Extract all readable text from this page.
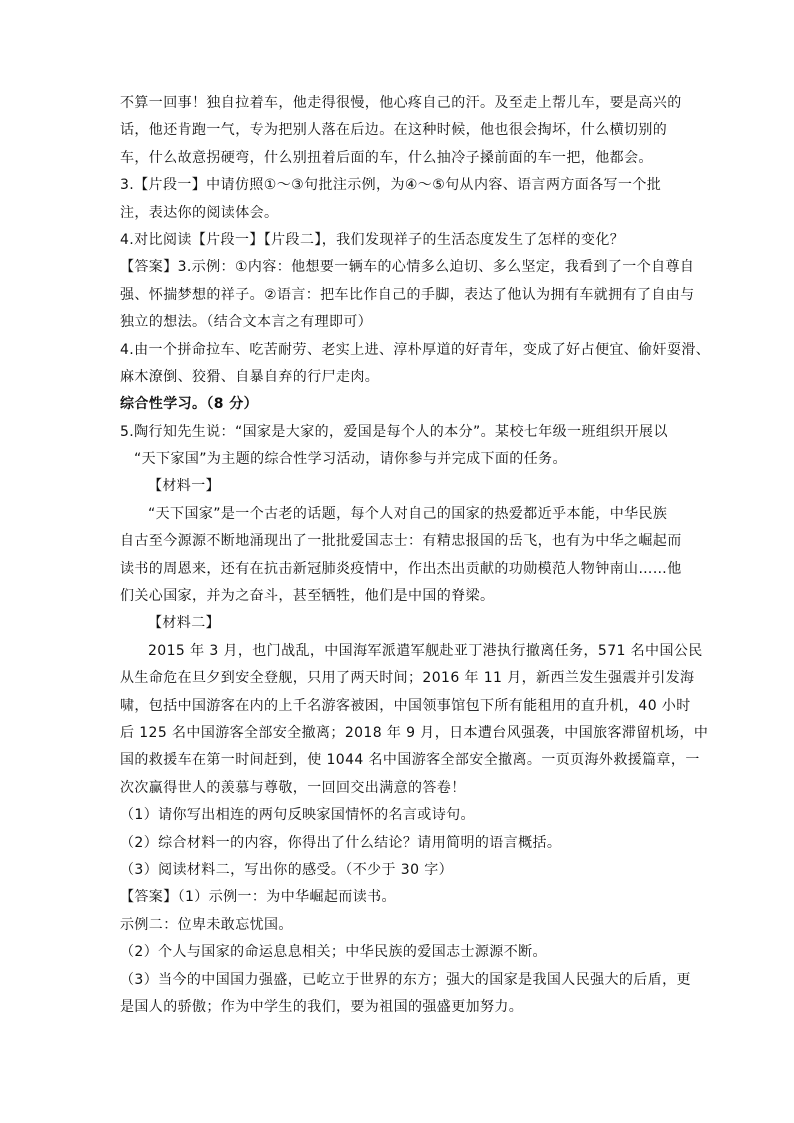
不算一回事！独自拉着车，他走得很慢，他心疼自己的汗。及至走上帮儿车，要是高兴的
话，他还肯跑一气，专为把别人落在后边。在这种时候，他也很会掏坏，什么横切别的
车，什么故意拐硬弯，什么别扭着后面的车，什么抽冷子搡前面的车一把，他都会。
3.【片段一】中请仿照①～③句批注示例，为④～⑤句从内容、语言两方面各写一个批
注，表达你的阅读体会。
4.对比阅读【片段一】【片段二】，我们发现祥子的生活态度发生了怎样的变化？
【答案】3.示例：①内容：他想要一辆车的心情多么迫切、多么坚定，我看到了一个自尊自
强、怀揣梦想的祥子。②语言：把车比作自己的手脚，表达了他认为拥有车就拥有了自由与
独立的想法。（结合文本言之有理即可）
4.由一个拼命拉车、吃苦耐劳、老实上进、淳朴厚道的好青年，变成了好占便宜、偷奸耍滑、
麻木潦倒、狡猾、自暴自弃的行尸走肉。
综合性学习。（8 分）
5.陶行知先生说：“国家是大家的，爱国是每个人的本分”。某校七年级一班组织开展以
“天下家国”为主题的综合性学习活动，请你参与并完成下面的任务。
【材料一】
“天下国家”是一个古老的话题，每个人对自己的国家的热爱都近乎本能，中华民族
自古至今源源不断地涌现出了一批批爱国志士：有精忠报国的岳飞，也有为中华之崛起而
读书的周恩来，还有在抗击新冠肺炎疫情中，作出杰出贡献的功勋模范人物钟南山……他
们关心国家，并为之奋斗，甚至牺牲，他们是中国的脊梁。
【材料二】
2015 年 3 月，也门战乱，中国海军派遣军舰赴亚丁港执行撤离任务，571 名中国公民
从生命危在旦夕到安全登舰，只用了两天时间；2016 年 11 月，新西兰发生强震并引发海
啸，包括中国游客在内的上千名游客被困，中国领事馆包下所有能租用的直升机，40 小时
后 125 名中国游客全部安全撤离；2018 年 9 月，日本遭台风强袭，中国旅客滞留机场，中
国的救援车在第一时间赶到，使 1044 名中国游客全部安全撤离。一页页海外救援篇章，一
次次赢得世人的羡慕与尊敬，一回回交出满意的答卷！
（1）请你写出相连的两句反映家国情怀的名言或诗句。
（2）综合材料一的内容，你得出了什么结论？请用简明的语言概括。
（3）阅读材料二，写出你的感受。（不少于 30 字）
【答案】（1）示例一：为中华崛起而读书。
示例二：位卑未敢忘忧国。
（2）个人与国家的命运息息相关；中华民族的爱国志士源源不断。
（3）当今的中国国力强盛，已屹立于世界的东方；强大的国家是我国人民强大的后盾，更
是国人的骄傲；作为中学生的我们，要为祖国的强盛更加努力。
